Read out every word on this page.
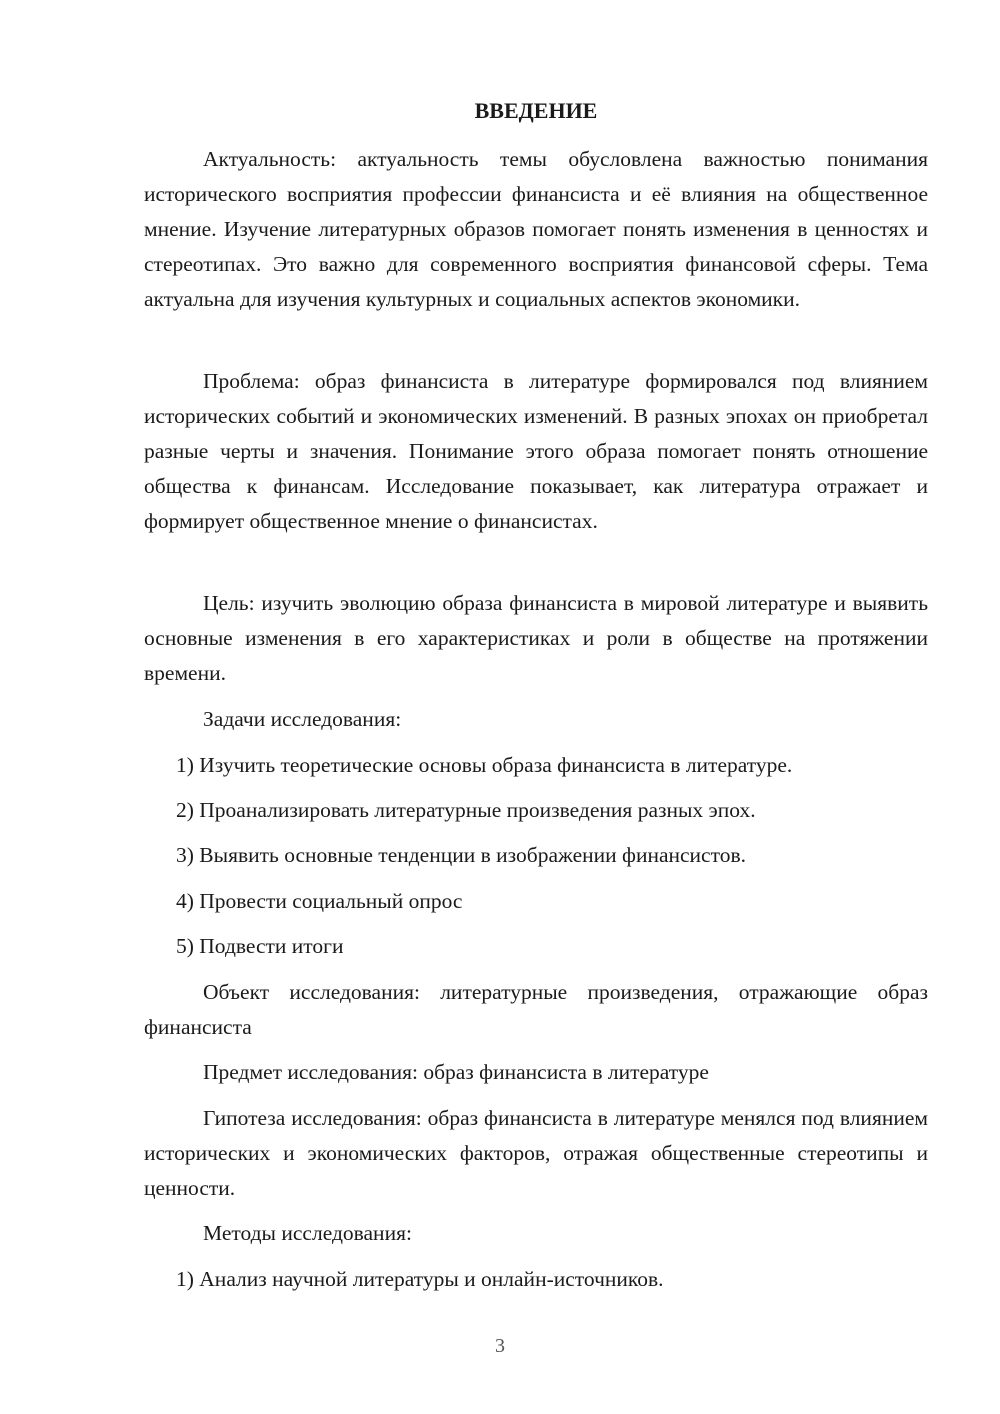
ВВЕДЕНИЕ

Актуальность: актуальность темы обусловлена важностью понимания исторического восприятия профессии финансиста и её влияния на общественное мнение. Изучение литературных образов помогает понять изменения в ценностях и стереотипах. Это важно для современного восприятия финансовой сферы. Тема актуальна для изучения культурных и социальных аспектов экономики.

Проблема: образ финансиста в литературе формировался под влиянием исторических событий и экономических изменений. В разных эпохах он приобретал разные черты и значения. Понимание этого образа помогает понять отношение общества к финансам. Исследование показывает, как литература отражает и формирует общественное мнение о финансистах.

Цель: изучить эволюцию образа финансиста в мировой литературе и выявить основные изменения в его характеристиках и роли в обществе на протяжении времени.

Задачи исследования:

1) Изучить теоретические основы образа финансиста в литературе.

2) Проанализировать литературные произведения разных эпох.

3) Выявить основные тенденции в изображении финансистов.

4) Провести социальный опрос

5) Подвести итоги

Объект исследования: литературные произведения, отражающие образ финансиста

Предмет исследования: образ финансиста в литературе

Гипотеза исследования: образ финансиста в литературе менялся под влиянием исторических и экономических факторов, отражая общественные стереотипы и ценности.

Методы исследования:

1) Анализ научной литературы и онлайн-источников.

3
